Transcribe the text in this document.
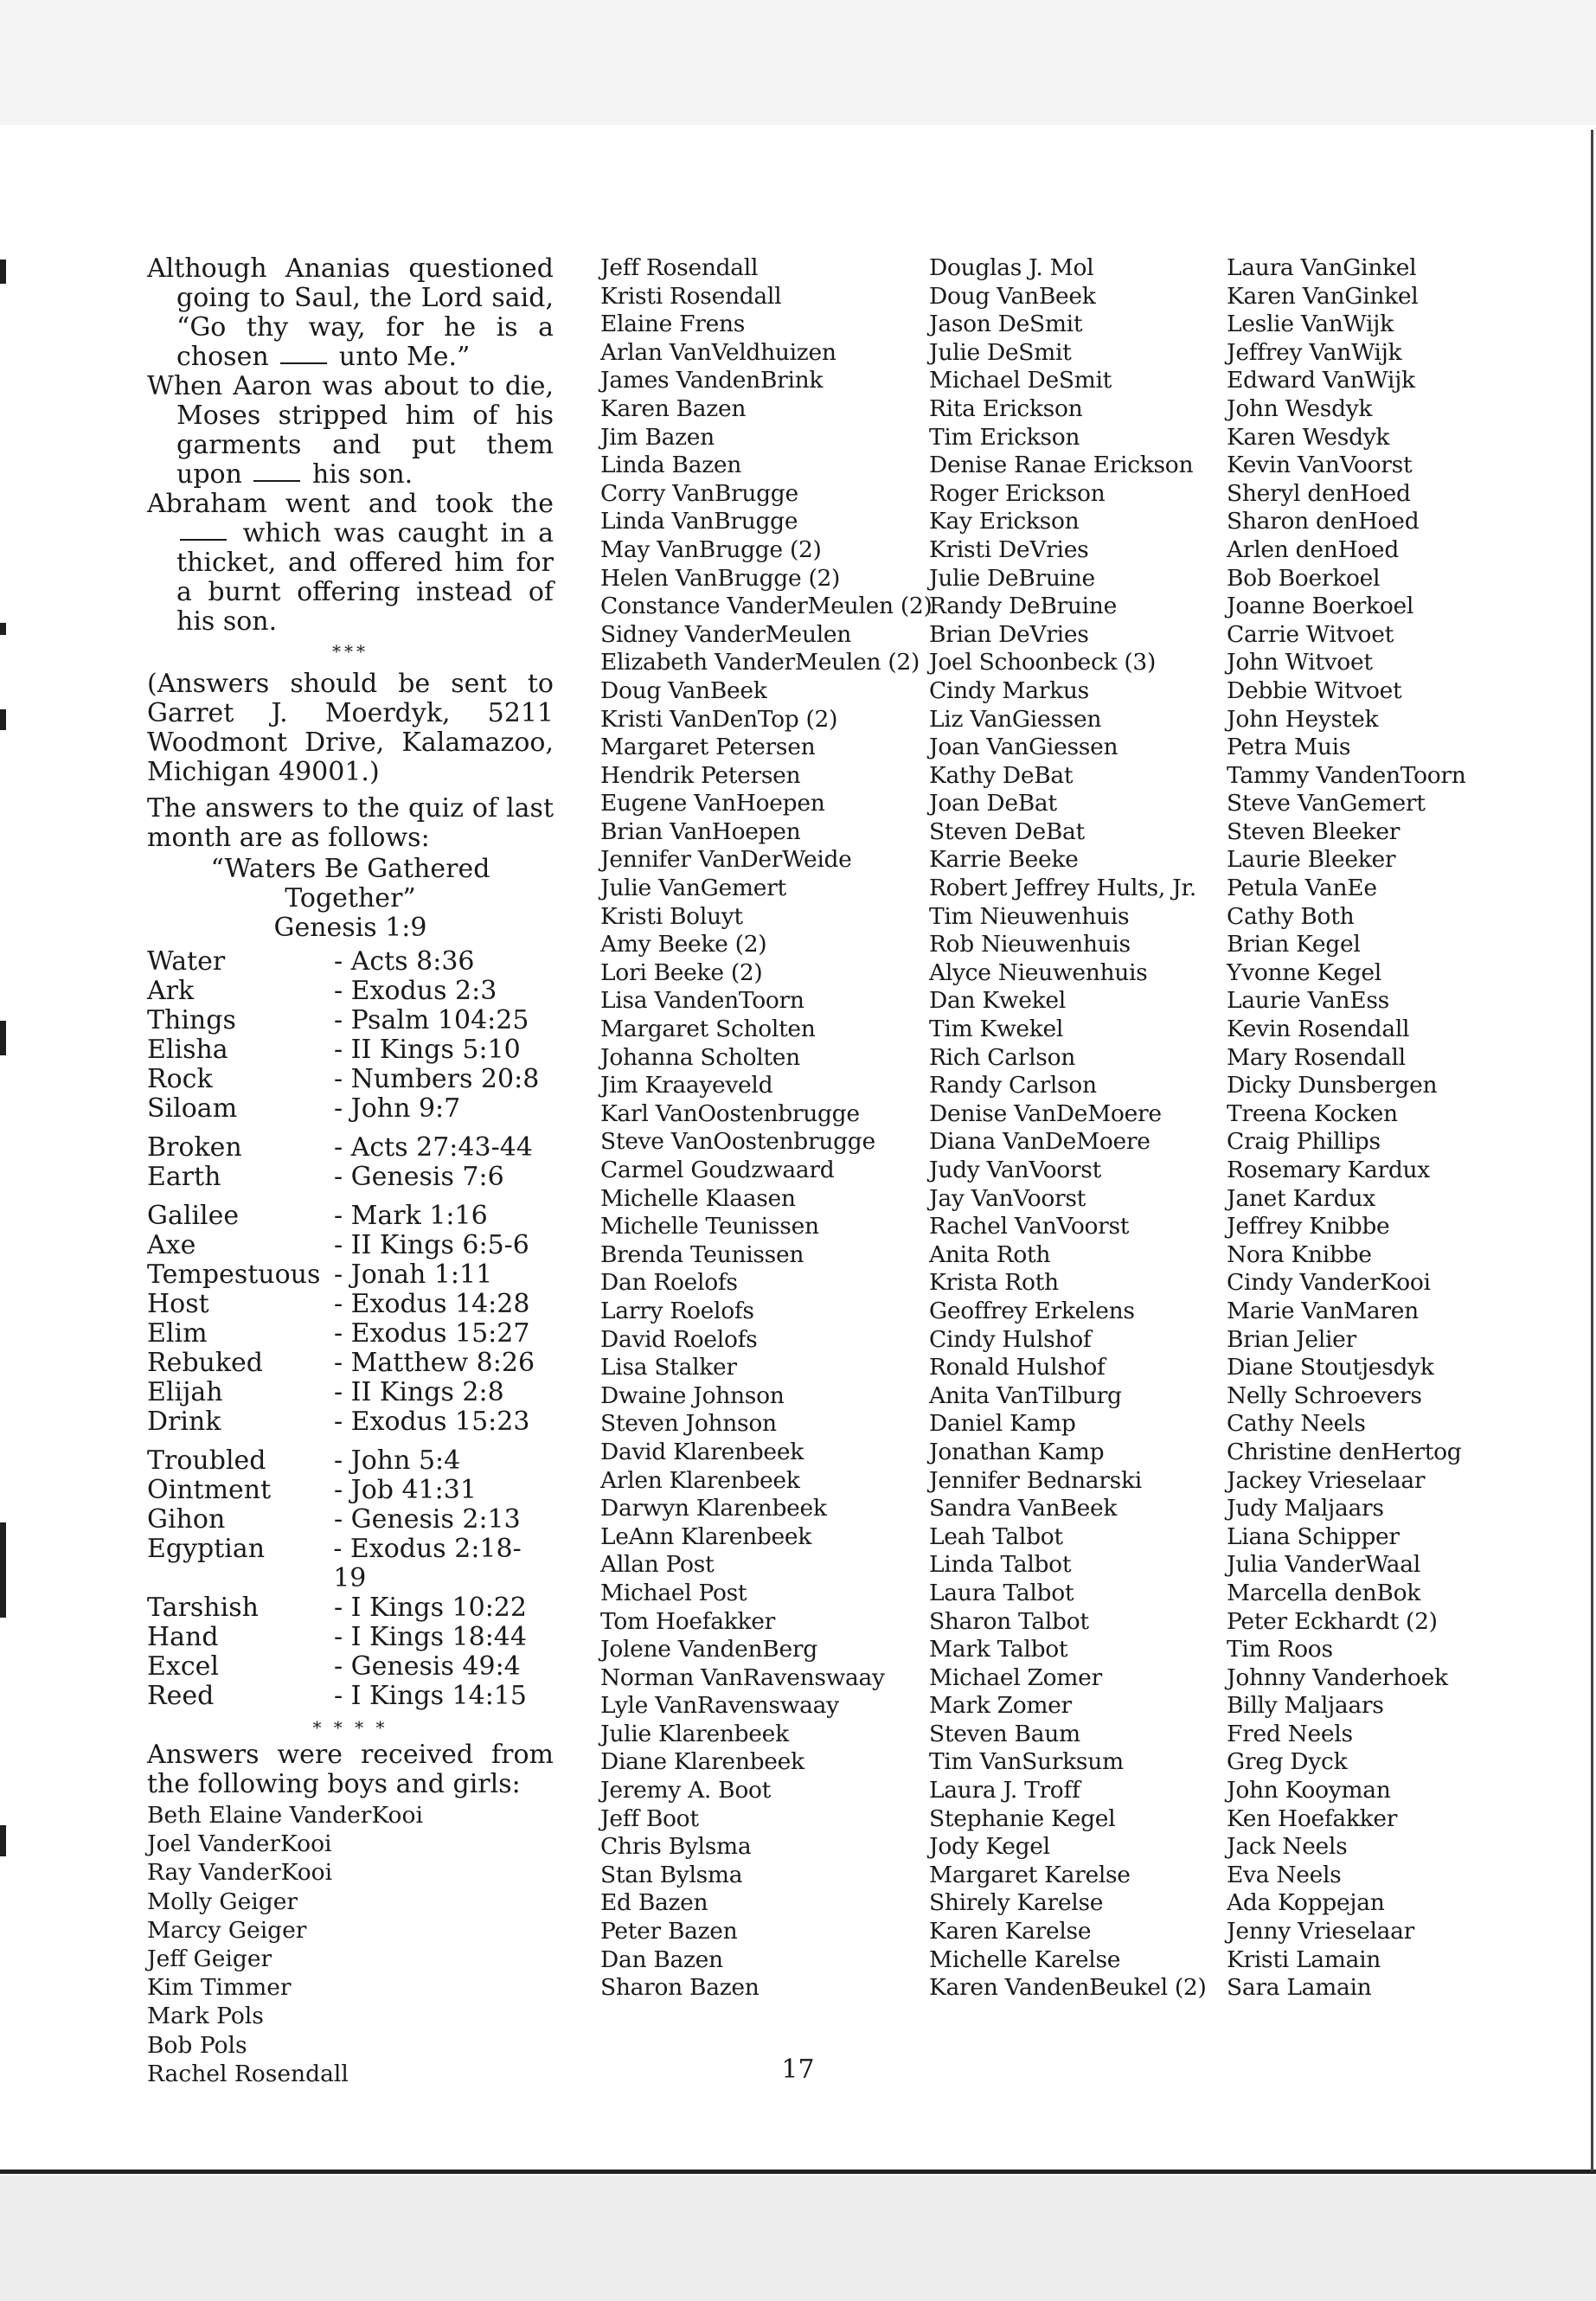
Although Ananias questioned going to Saul, the Lord said, “Go thy way, for he is a chosen	unto Me.”

When Aaron was about to die, Moses stripped him of his garments and put them upon	his son.

Abraham went and took the  which was caught in a thicket, and offered him for a burnt offering instead of his son.

***

(Answers should be sent to Garret J. Moerdyk, 5211 Woodmont Drive, Kalamazoo, Michigan 49001.)

The answers to the quiz of last month are as follows:

“Waters Be Gathered Together”

Genesis 1:9

Water	- Acts 8:36
Ark	- Exodus 2:3
Things	- Psalm 104:25
Elisha	- II Kings 5:10
Rock	- Numbers 20:8
Siloam	- John 9:7
Broken	- Acts 27:43-44
Earth	- Genesis 7:6
Galilee	- Mark 1:16
Axe	- II Kings 6:5-6
Tempestuous - Jonah 1:11
Host	- Exodus 14:28
Elim	- Exodus 15:27
Rebuked	- Matthew 8:26
Elijah	- II Kings 2:8
Drink	- Exodus 15:23
Troubled	- John 5:4
Ointment	- Job 41:31
Gihon	- Genesis 2:13
Egyptian	- Exodus 2:18-19
Tarshish	- I Kings 10:22
Hand	- I Kings 18:44
Excel	- Genesis 49:4
Reed	- I Kings 14:15

* * * *

Answers were received from the following boys and girls:

Beth Elaine VanderKooi
Joel VanderKooi
Ray VanderKooi
Molly Geiger
Marcy Geiger
Jeff Geiger
Kim Timmer
Mark Pols
Bob Pols
Rachel Rosendall
Jeff Rosendall
Kristi Rosendall
Elaine Frens
Arlan VanVeldhuizen
James VandenBrink
Karen Bazen
Jim Bazen
Linda Bazen
Corry VanBrugge
Linda VanBrugge
May VanBrugge (2)
Helen VanBrugge (2)
Constance VanderMeulen (2)
Sidney VanderMeulen
Elizabeth VanderMeulen (2)
Doug VanBeek
Kristi VanDenTop (2)
Margaret Petersen
Hendrik Petersen
Eugene VanHoepen
Brian VanHoepen
Jennifer VanDerWeide
Julie VanGemert
Kristi Boluyt
Amy Beeke (2)
Lori Beeke (2)
Lisa VandenToorn
Margaret Scholten
Johanna Scholten
Jim Kraayeveld
Karl VanOostenbrugge
Steve VanOostenbrugge
Carmel Goudzwaard
Michelle Klaasen
Michelle Teunissen
Brenda Teunissen
Dan Roelofs
Larry Roelofs
David Roelofs
Lisa Stalker
Dwaine Johnson
Steven Johnson
David Klarenbeek
Arlen Klarenbeek
Darwyn Klarenbeek
LeAnn Klarenbeek
Allan Post
Michael Post
Tom Hoefakker
Jolene VandenBerg
Norman VanRavenswaay
Lyle VanRavenswaay
Julie Klarenbeek
Diane Klarenbeek
Jeremy A. Boot
Jeff Boot
Chris Bylsma
Stan Bylsma
Ed Bazen
Peter Bazen
Dan Bazen
Sharon Bazen
Douglas J. Mol
Doug VanBeek
Jason DeSmit
Julie DeSmit
Michael DeSmit
Rita Erickson
Tim Erickson
Denise Ranae Erickson
Roger Erickson
Kay Erickson
Kristi DeVries
Julie DeBruine
Randy DeBruine
Brian DeVries
Joel Schoonbeck (3)
Cindy Markus
Liz VanGiessen
Joan VanGiessen
Kathy DeBat
Joan DeBat
Steven DeBat
Karrie Beeke
Robert Jeffrey Hults, Jr.
Tim Nieuwenhuis
Rob Nieuwenhuis
Alyce Nieuwenhuis
Dan Kwekel
Tim Kwekel
Rich Carlson
Randy Carlson
Denise VanDeMoere
Diana VanDeMoere
Judy VanVoorst
Jay VanVoorst
Rachel VanVoorst
Anita Roth
Krista Roth
Geoffrey Erkelens
Cindy Hulshof
Ronald Hulshof
Anita VanTilburg
Daniel Kamp
Jonathan Kamp
Jennifer Bednarski
Sandra VanBeek
Leah Talbot
Linda Talbot
Laura Talbot
Sharon Talbot
Mark Talbot
Michael Zomer
Mark Zomer
Steven Baum
Tim VanSurksum
Laura J. Troff
Stephanie Kegel
Jody Kegel
Margaret Karelse
Shirely Karelse
Karen Karelse
Michelle Karelse
Karen VandenBeukel (2)
Laura VanGinkel
Karen VanGinkel
Leslie VanWijk
Jeffrey VanWijk
Edward VanWijk
John Wesdyk
Karen Wesdyk
Kevin VanVoorst
Sheryl denHoed
Sharon denHoed
Arlen denHoed
Bob Boerkoel
Joanne Boerkoel
Carrie Witvoet
John Witvoet
Debbie Witvoet
John Heystek
Petra Muis
Tammy VandenToorn
Steve VanGemert
Steven Bleeker
Laurie Bleeker
Petula VanEe
Cathy Both
Brian Kegel
Yvonne Kegel
Laurie VanEss
Kevin Rosendall
Mary Rosendall
Dicky Dunsbergen
Treena Kocken
Craig Phillips
Rosemary Kardux
Janet Kardux
Jeffrey Knibbe
Nora Knibbe
Cindy VanderKooi
Marie VanMaren
Brian Jelier
Diane Stoutjesdyk
Nelly Schroevers
Cathy Neels
Christine denHertog
Jackey Vrieselaar
Judy Maljaars
Liana Schipper
Julia VanderWaal
Marcella denBok
Peter Eckhardt (2)
Tim Roos
Johnny Vanderhoek
Billy Maljaars
Fred Neels
Greg Dyck
John Kooyman
Ken Hoefakker
Jack Neels
Eva Neels
Ada Koppejan
Jenny Vrieselaar
Kristi Lamain
Sara Lamain
17
